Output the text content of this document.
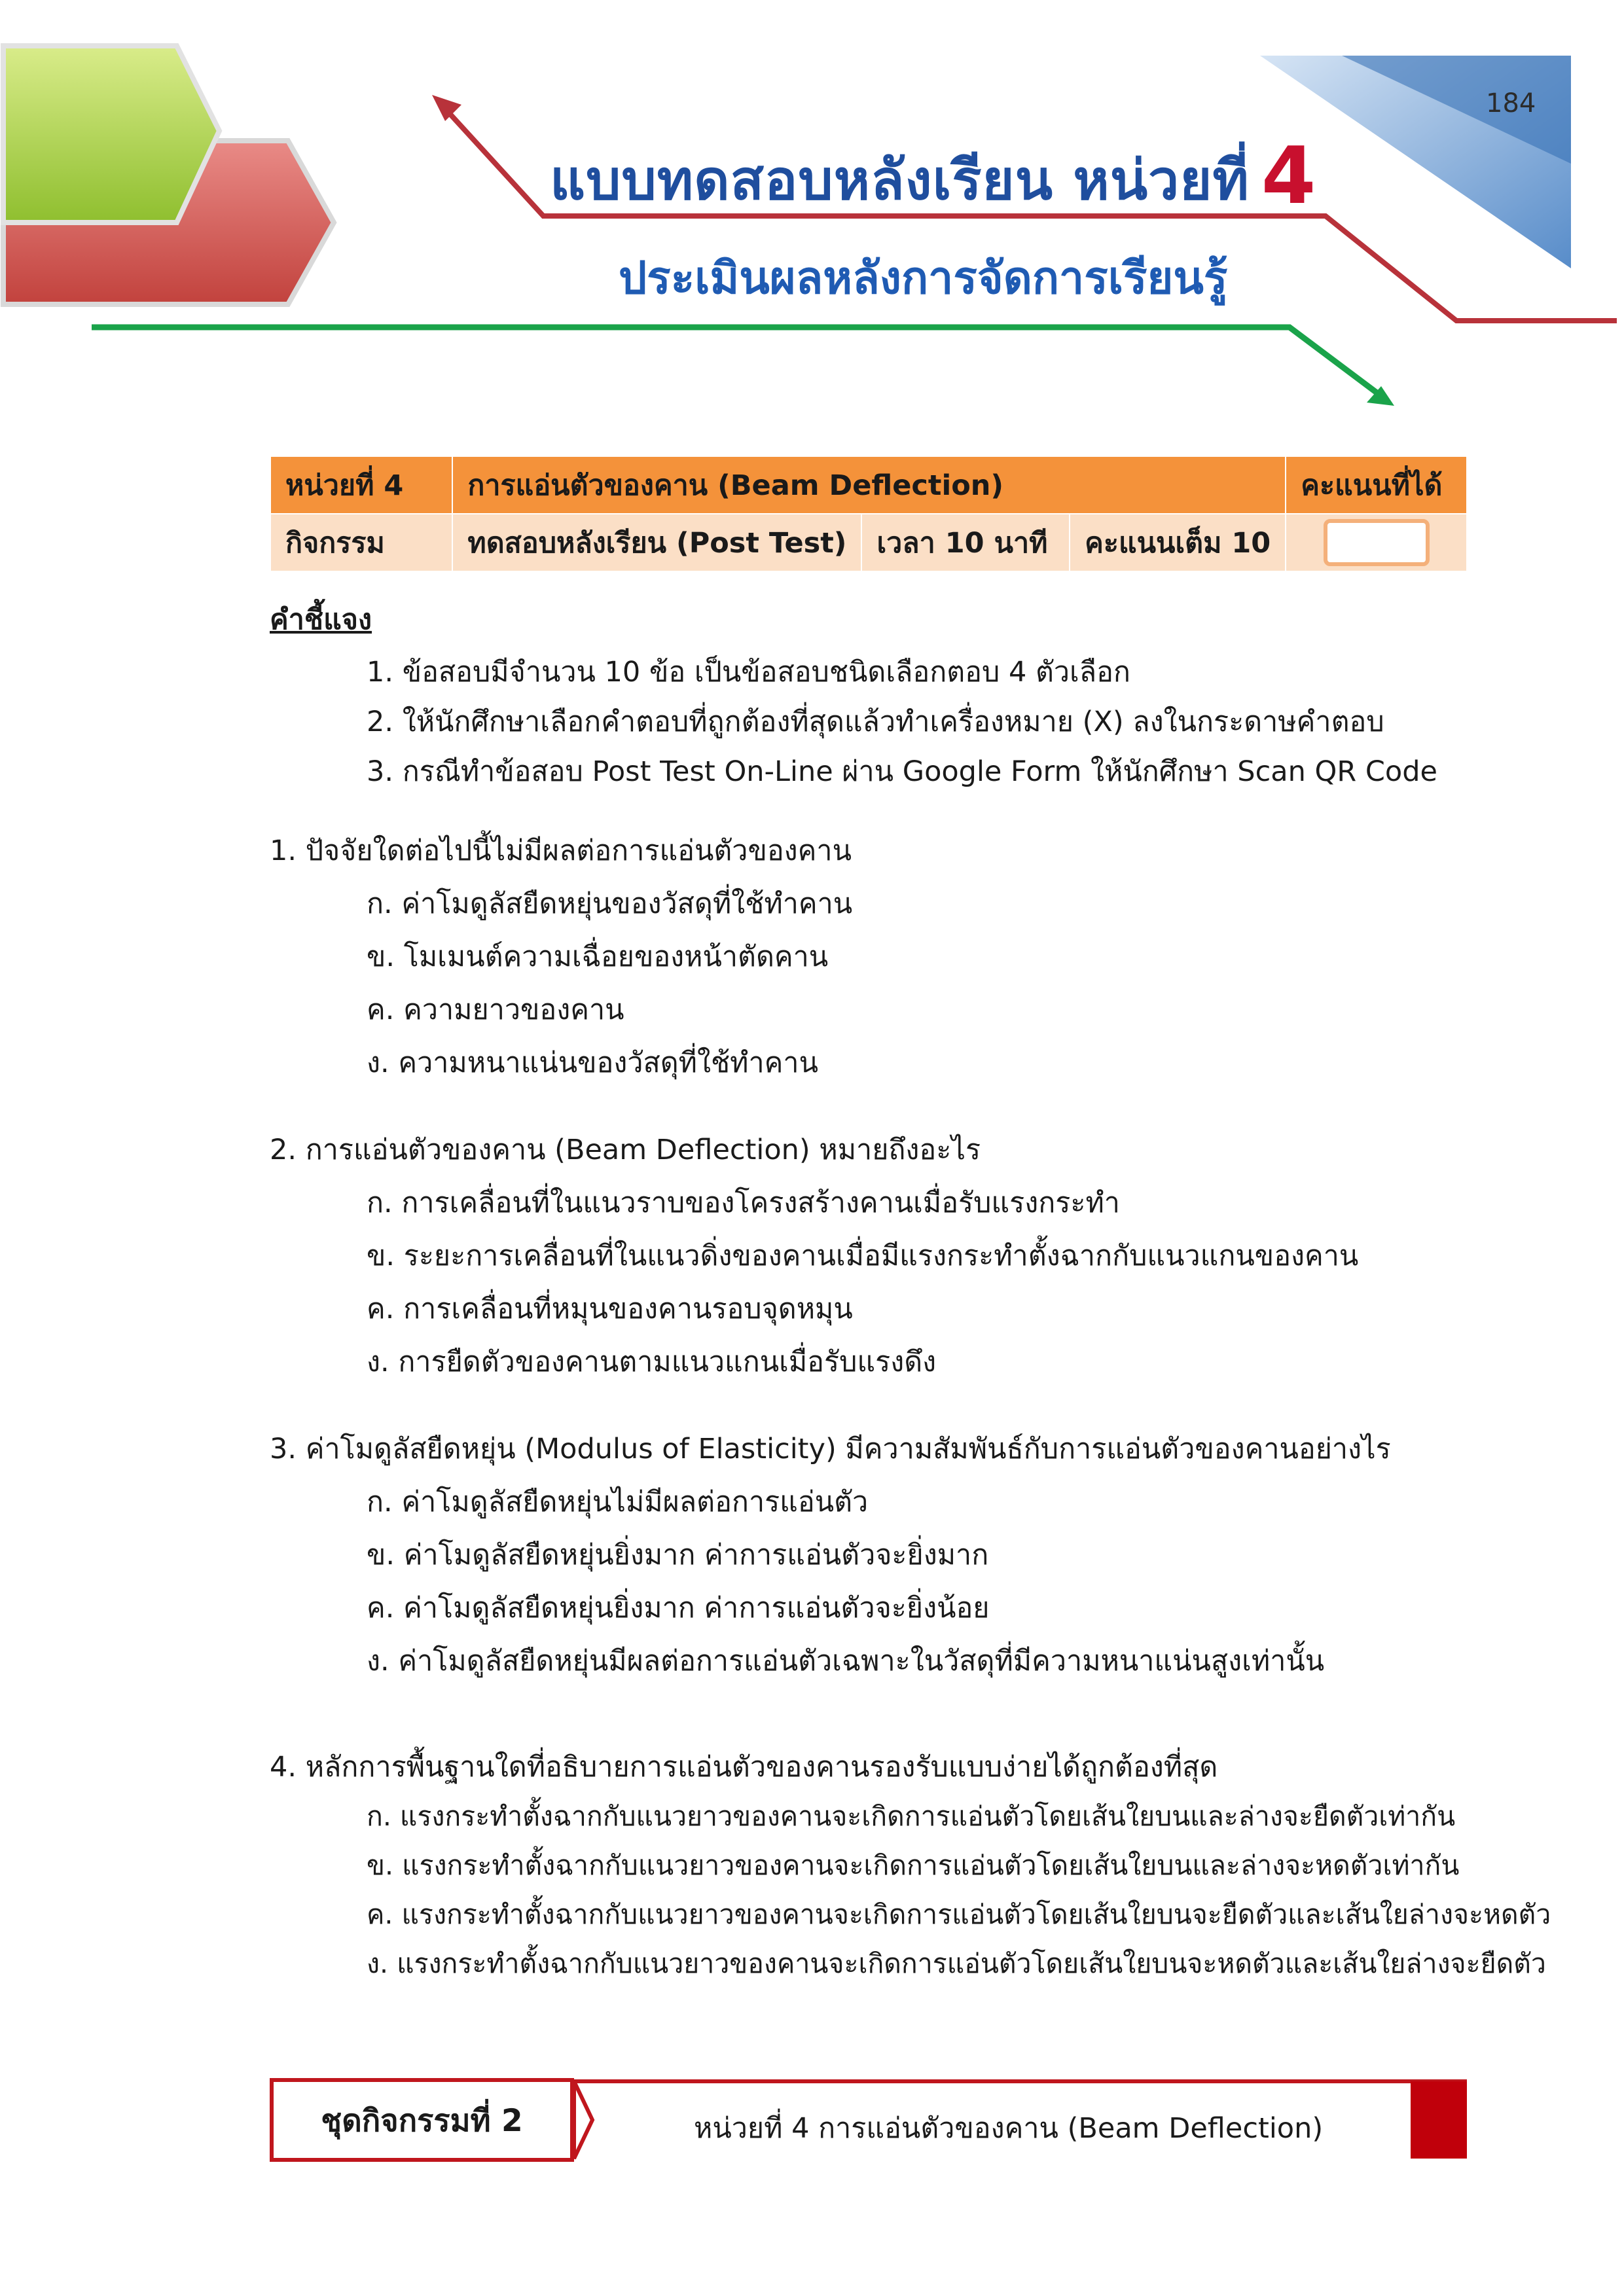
184
แบบทดสอบหลังเรียน หน่วยที่ 4
ประเมินผลหลังการจัดการเรียนรู้
หน่วยที่ 4	การแอ่นตัวของคาน (Beam Deflection)			คะแนนที่ได้
กิจกรรม	ทดสอบหลังเรียน (Post Test)	เวลา 10 นาที	คะแนนเต็ม 10	
คำชี้แจง
1. ข้อสอบมีจำนวน 10 ข้อ เป็นข้อสอบชนิดเลือกตอบ 4 ตัวเลือก
2. ให้นักศึกษาเลือกคำตอบที่ถูกต้องที่สุดแล้วทำเครื่องหมาย (X) ลงในกระดาษคำตอบ
3. กรณีทำข้อสอบ Post Test On-Line ผ่าน Google Form ให้นักศึกษา Scan QR Code
1. ปัจจัยใดต่อไปนี้ไม่มีผลต่อการแอ่นตัวของคาน
ก. ค่าโมดูลัสยืดหยุ่นของวัสดุที่ใช้ทำคาน
ข. โมเมนต์ความเฉื่อยของหน้าตัดคาน
ค. ความยาวของคาน
ง. ความหนาแน่นของวัสดุที่ใช้ทำคาน
2. การแอ่นตัวของคาน (Beam Deflection) หมายถึงอะไร
ก. การเคลื่อนที่ในแนวราบของโครงสร้างคานเมื่อรับแรงกระทำ
ข. ระยะการเคลื่อนที่ในแนวดิ่งของคานเมื่อมีแรงกระทำตั้งฉากกับแนวแกนของคาน
ค. การเคลื่อนที่หมุนของคานรอบจุดหมุน
ง. การยืดตัวของคานตามแนวแกนเมื่อรับแรงดึง
3. ค่าโมดูลัสยืดหยุ่น (Modulus of Elasticity) มีความสัมพันธ์กับการแอ่นตัวของคานอย่างไร
ก. ค่าโมดูลัสยืดหยุ่นไม่มีผลต่อการแอ่นตัว
ข. ค่าโมดูลัสยืดหยุ่นยิ่งมาก ค่าการแอ่นตัวจะยิ่งมาก
ค. ค่าโมดูลัสยืดหยุ่นยิ่งมาก ค่าการแอ่นตัวจะยิ่งน้อย
ง. ค่าโมดูลัสยืดหยุ่นมีผลต่อการแอ่นตัวเฉพาะในวัสดุที่มีความหนาแน่นสูงเท่านั้น
4. หลักการพื้นฐานใดที่อธิบายการแอ่นตัวของคานรองรับแบบง่ายได้ถูกต้องที่สุด
ก. แรงกระทำตั้งฉากกับแนวยาวของคานจะเกิดการแอ่นตัวโดยเส้นใยบนและล่างจะยืดตัวเท่ากัน
ข. แรงกระทำตั้งฉากกับแนวยาวของคานจะเกิดการแอ่นตัวโดยเส้นใยบนและล่างจะหดตัวเท่ากัน
ค. แรงกระทำตั้งฉากกับแนวยาวของคานจะเกิดการแอ่นตัวโดยเส้นใยบนจะยืดตัวและเส้นใยล่างจะหดตัว
ง. แรงกระทำตั้งฉากกับแนวยาวของคานจะเกิดการแอ่นตัวโดยเส้นใยบนจะหดตัวและเส้นใยล่างจะยืดตัว
ชุดกิจกรรมที่ 2	หน่วยที่ 4 การแอ่นตัวของคาน (Beam Deflection)
